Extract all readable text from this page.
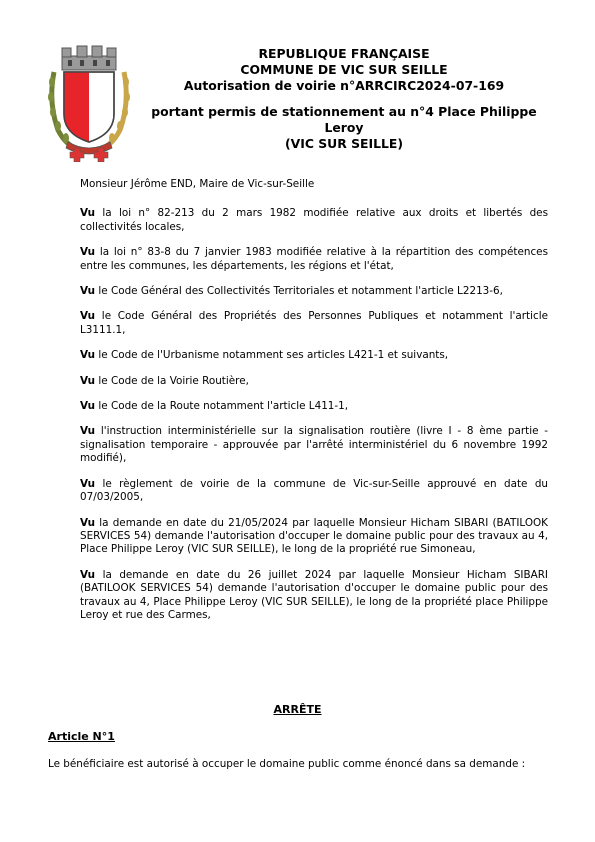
REPUBLIQUE FRANÇAISE
COMMUNE DE VIC SUR SEILLE
Autorisation de voirie n°ARRCIRC2024-07-169
portant permis de stationnement au n°4 Place Philippe Leroy
(VIC SUR SEILLE)

Monsieur Jérôme END, Maire de Vic-sur-Seille

Vu la loi n° 82-213 du 2 mars 1982 modifiée relative aux droits et libertés des collectivités locales,

Vu la loi n° 83-8 du 7 janvier 1983 modifiée relative à la répartition des compétences entre les communes, les départements, les régions et l'état,

Vu le Code Général des Collectivités Territoriales et notamment l'article L2213-6,

Vu le Code Général des Propriétés des Personnes Publiques et notamment l'article L3111.1,

Vu le Code de l'Urbanisme notamment ses articles L421-1 et suivants,

Vu le Code de la Voirie Routière,

Vu le Code de la Route notamment l'article L411-1,

Vu l'instruction interministérielle sur la signalisation routière (livre I - 8 ème partie - signalisation temporaire - approuvée par l'arrêté interministériel du 6 novembre 1992 modifié),

Vu le règlement de voirie de la commune de Vic-sur-Seille approuvé en date du 07/03/2005,

Vu la demande en date du 21/05/2024 par laquelle Monsieur Hicham SIBARI (BATILOOK SERVICES 54) demande l'autorisation d'occuper le domaine public pour des travaux au 4, Place Philippe Leroy (VIC SUR SEILLE), le long de la propriété rue Simoneau,

Vu la demande en date du 26 juillet 2024 par laquelle Monsieur Hicham SIBARI (BATILOOK SERVICES 54) demande l'autorisation d'occuper le domaine public pour des travaux au 4, Place Philippe Leroy (VIC SUR SEILLE), le long de la propriété place Philippe Leroy et rue des Carmes,

ARRÊTE
Article N°1
Le bénéficiaire est autorisé à occuper le domaine public comme énoncé dans sa demande :
